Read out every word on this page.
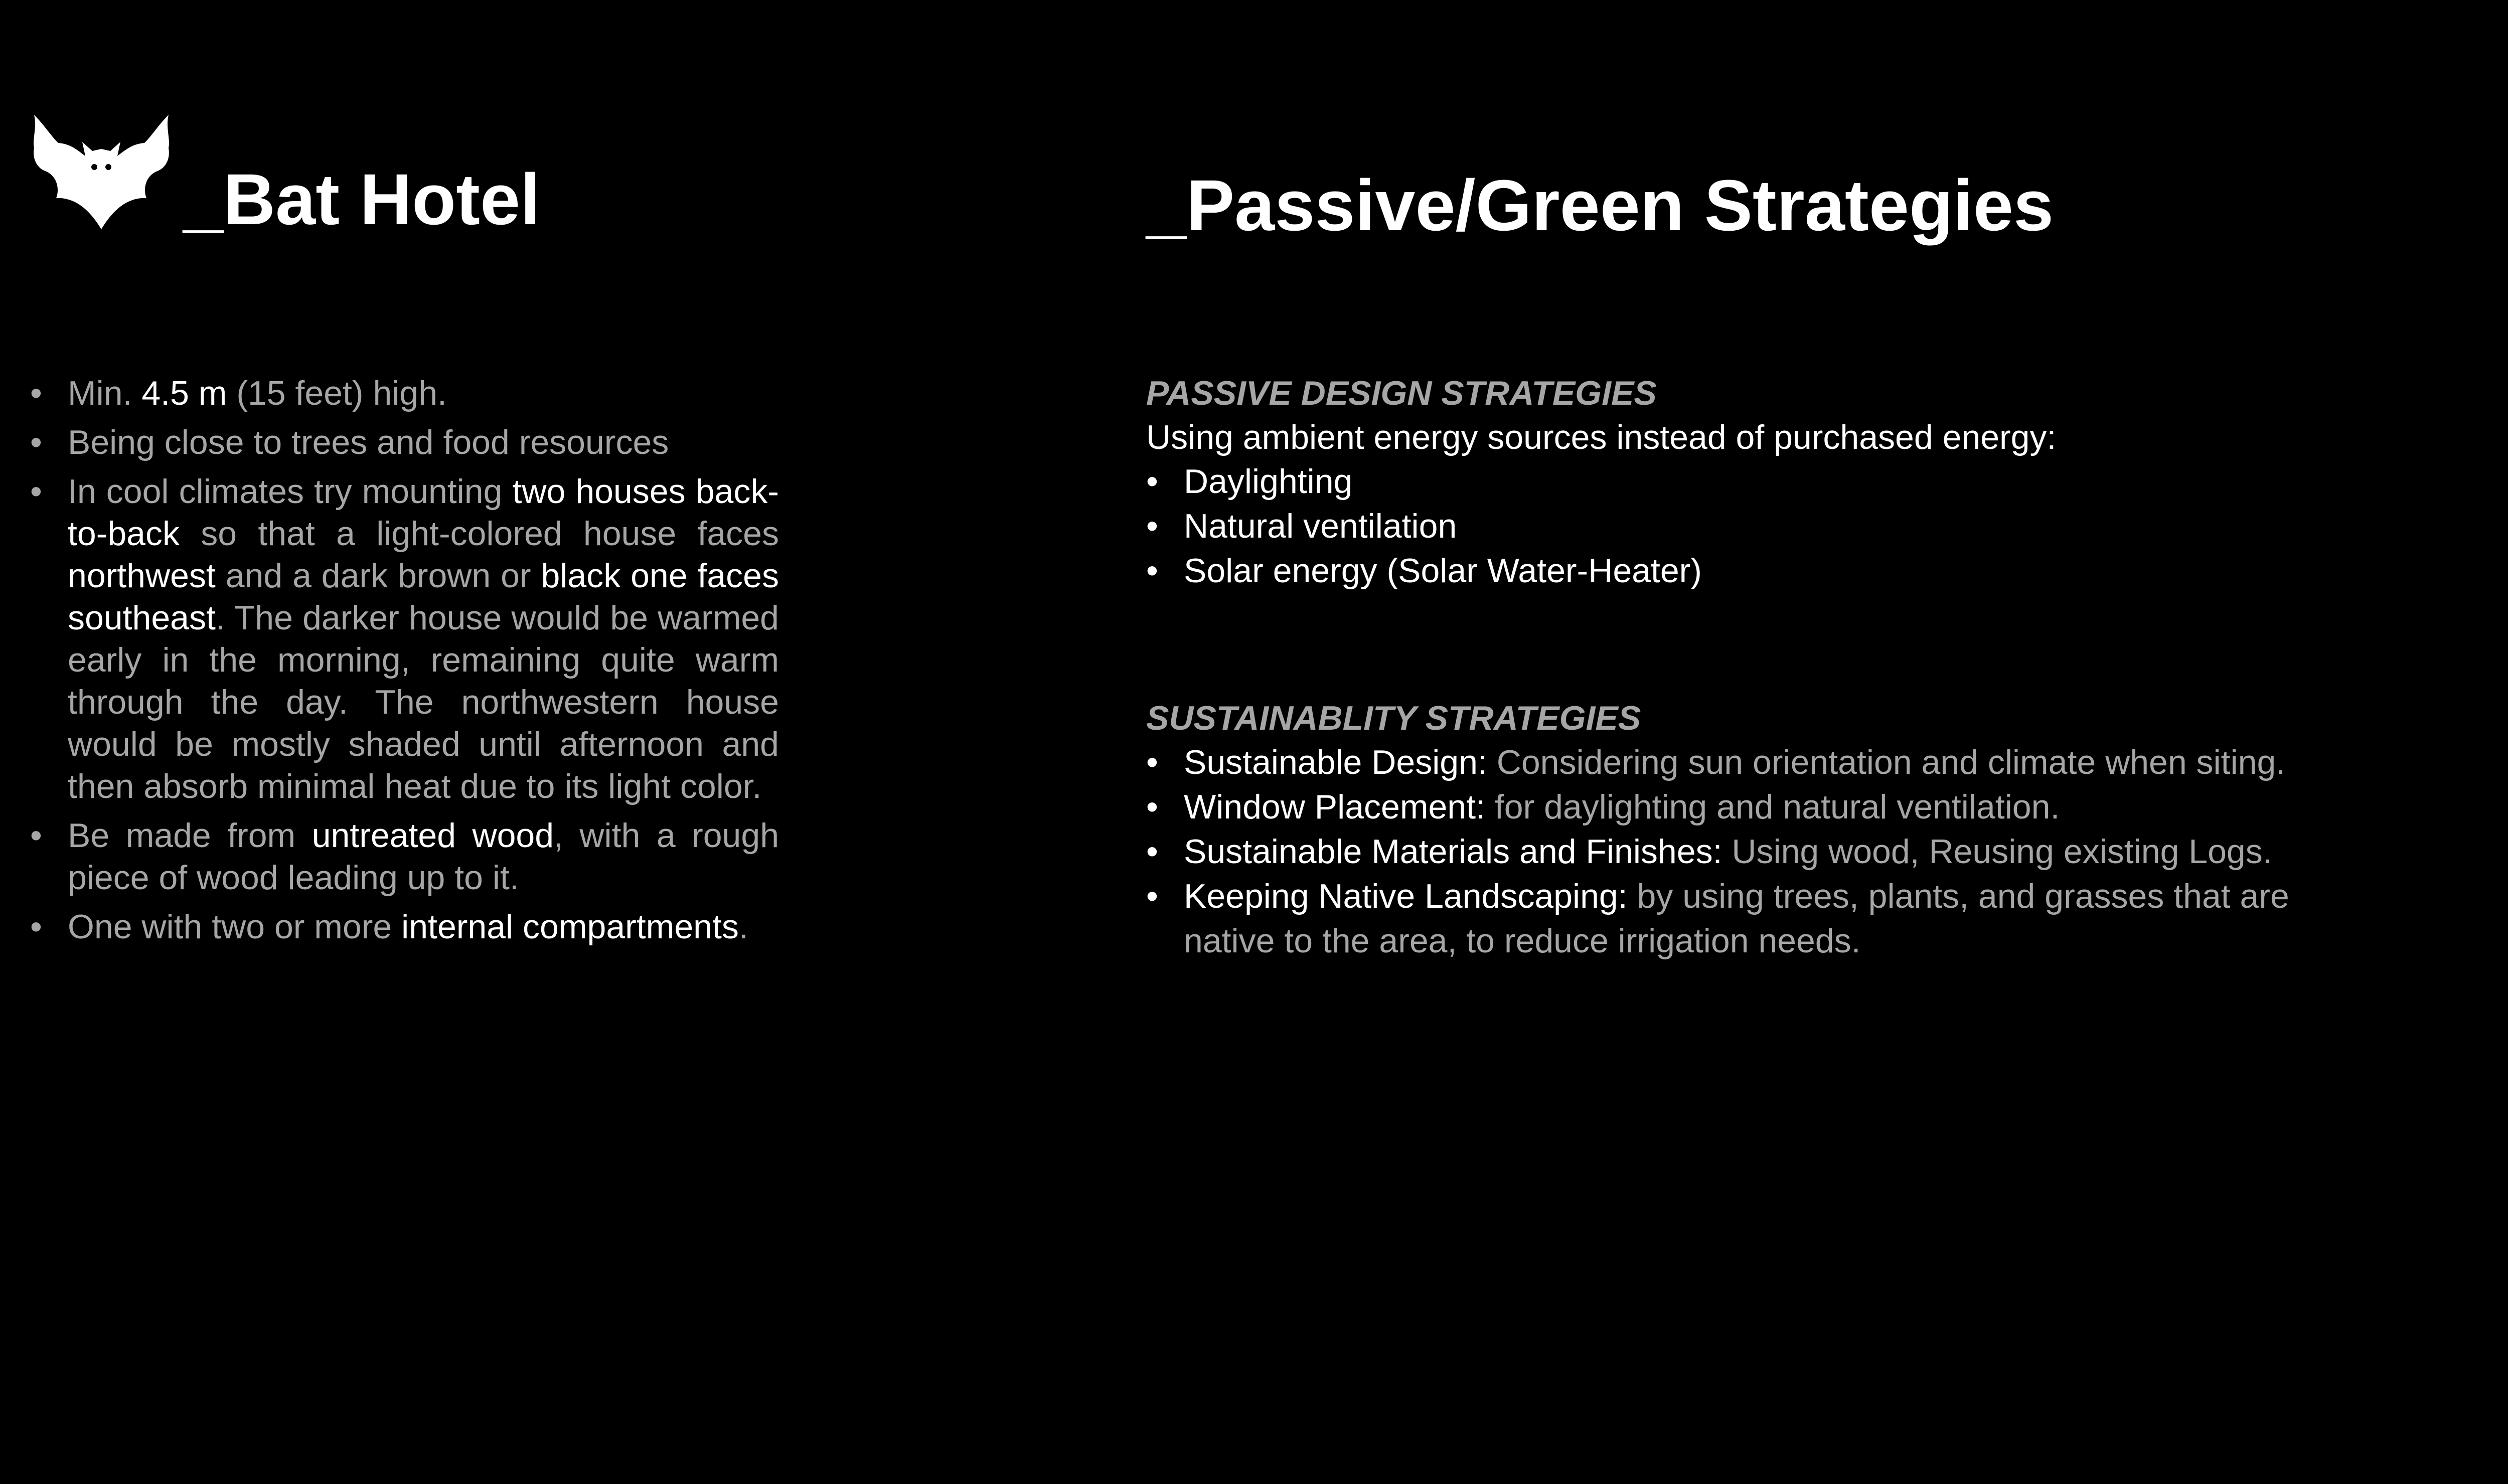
_Bat Hotel
• Min. 4.5 m (15 feet) high.
• Being close to trees and food resources
• In cool climates try mounting two houses back-to-back so that a light-colored house faces northwest and a dark brown or black one faces southeast. The darker house would be warmed early in the morning, remaining quite warm through the day. The northwestern house would be mostly shaded until afternoon and then absorb minimal heat due to its light color.
• Be made from untreated wood, with a rough piece of wood leading up to it.
• One with two or more internal compartments.
_Passive/Green Strategies
PASSIVE DESIGN STRATEGIES
Using ambient energy sources instead of purchased energy:
• Daylighting
• Natural ventilation
• Solar energy (Solar Water-Heater)
SUSTAINABLITY STRATEGIES
• Sustainable Design: Considering sun orientation and climate when siting.
• Window Placement: for daylighting and natural ventilation.
• Sustainable Materials and Finishes: Using wood, Reusing existing Logs.
• Keeping Native Landscaping: by using trees, plants, and grasses that are native to the area, to reduce irrigation needs.
